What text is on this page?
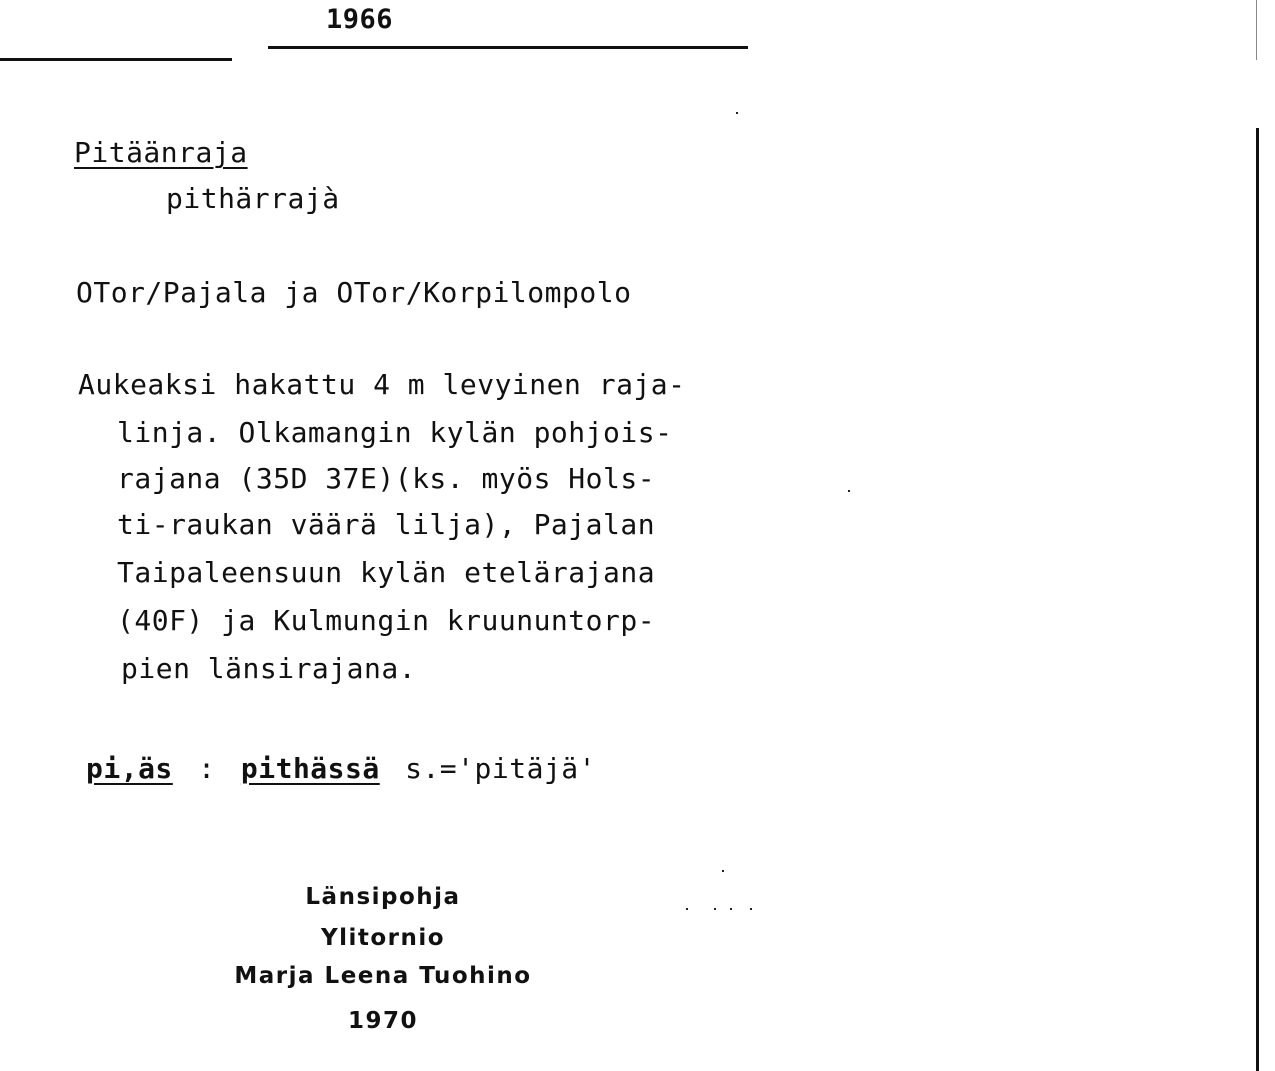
1966
Pitäänraja
pithärrajà
OTor/Pajala ja OTor/Korpilompolo
Aukeaksi hakattu 4 m levyinen raja-
linja. Olkamangin kylän pohjois-
rajana (35D 37E)(ks. myös Hols-
ti-raukan väärä lilja), Pajalan
Taipaleensuun kylän etelärajana
(40F) ja Kulmungin kruununtorp-
pien länsirajana.
pi,äs : pithässä s.='pitäjä'
Länsipohja
Ylitornio
Marja Leena Tuohino
1970
